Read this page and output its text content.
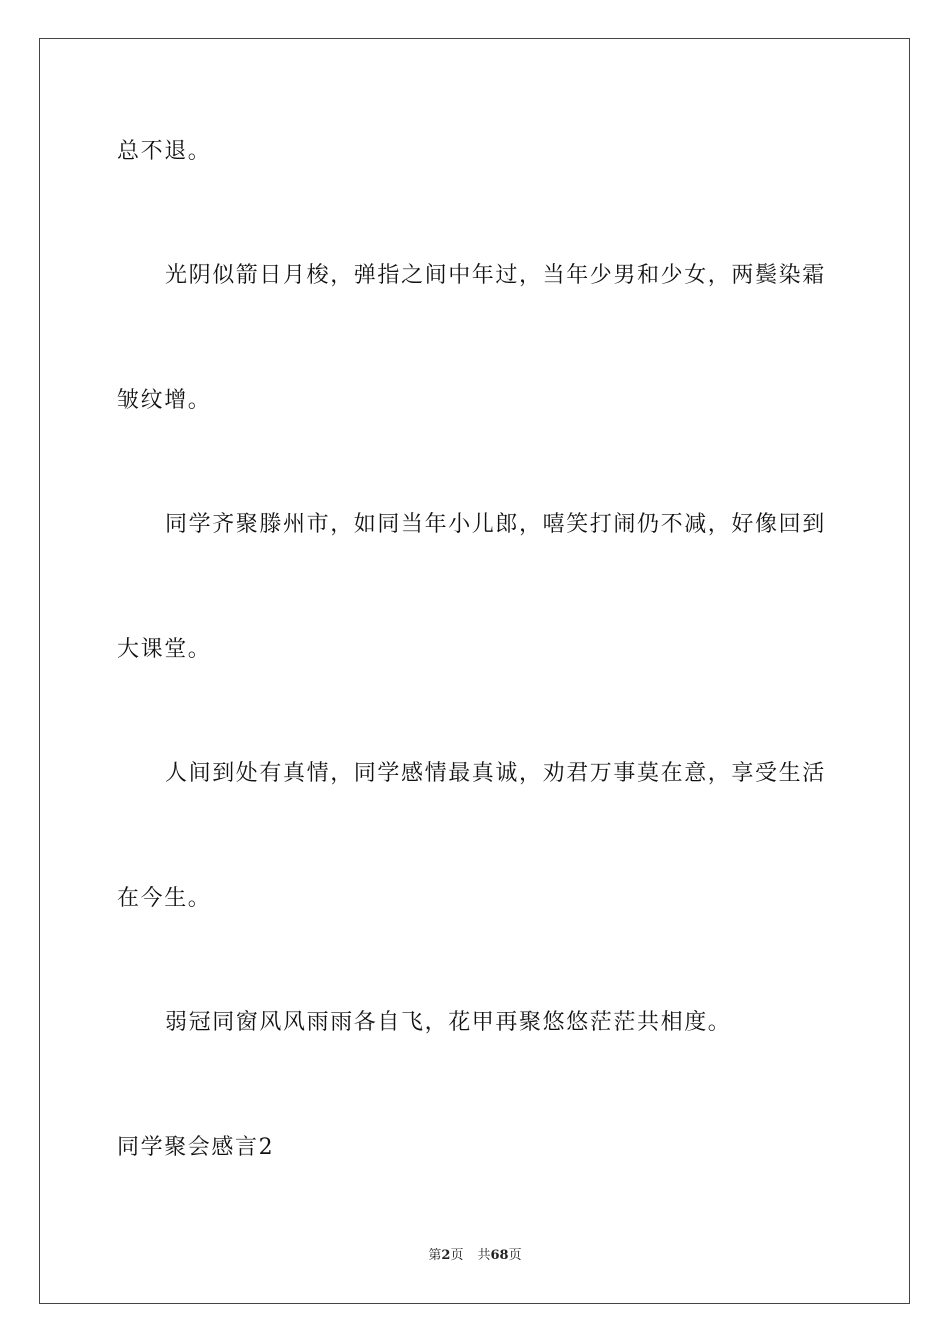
总不退。
光阴似箭日月梭，弹指之间中年过，当年少男和少女，两鬓染霜
皱纹增。
同学齐聚滕州市，如同当年小儿郎，嘻笑打闹仍不减，好像回到
大课堂。
人间到处有真情，同学感情最真诚，劝君万事莫在意，享受生活
在今生。
弱冠同窗风风雨雨各自飞，花甲再聚悠悠茫茫共相度。
同学聚会感言2
第2页 共68页
